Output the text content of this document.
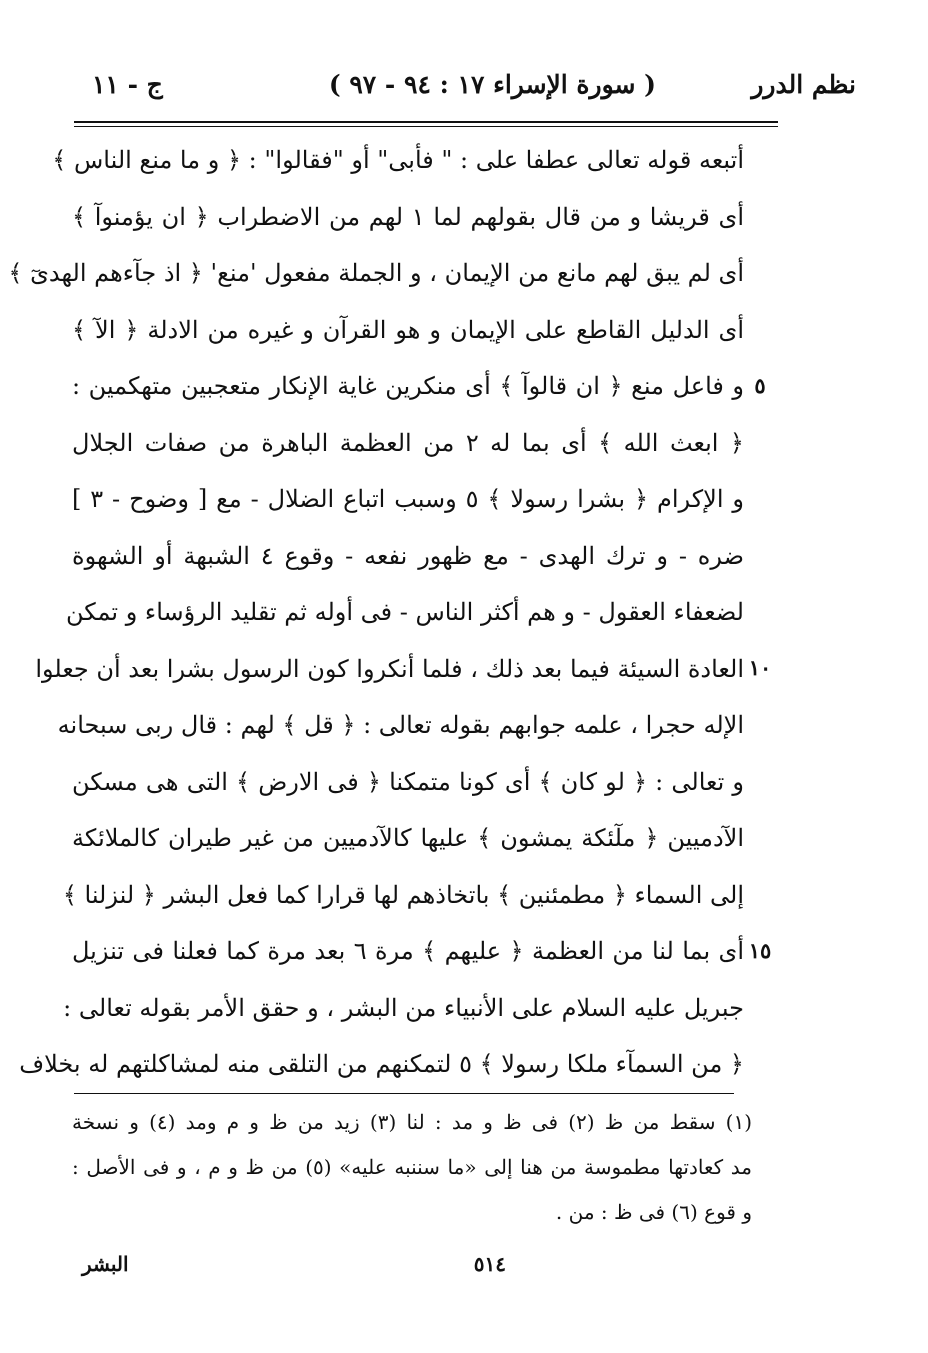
نظم الدرر
( سورة الإسراء ١٧ : ٩٤ - ٩٧ )
ج - ١١
أتبعه قوله تعالى عطفا على : " فأبى" أو "فقالوا" : ﴿ و ما منع الناس ﴾
أى قريشا و من قال بقولهم لما ١ لهم من الاضطراب ﴿ ان يؤمنوآ ﴾
أى لم يبق لهم مانع من الإيمان ، و الجملة مفعول 'منع' ﴿ اذ جآءهم الهدىٓ ﴾
أى الدليل القاطع على الإيمان و هو القرآن و غيره من الادلة ﴿ الآ ﴾
و فاعل منع ﴿ ان قالوآ ﴾ أى منكرين غاية الإنكار متعجبين متهكمين :
﴿ ابعث الله ﴾ أى بما له ٢ من العظمة الباهرة من صفات الجلال
و الإكرام ﴿ بشرا رسولا ﴾ ٥ وسبب اتباع الضلال - مع [ وضوح - ٣ ]
ضره - و ترك الهدى - مع ظهور نفعه - وقوع ٤ الشبهة أو الشهوة
لضعفاء العقول - و هم أكثر الناس - فى أوله ثم تقليد الرؤساء و تمكن
العادة السيئة فيما بعد ذلك ، فلما أنكروا كون الرسول بشرا بعد أن جعلوا
الإله حجرا ، علمه جوابهم بقوله تعالى : ﴿ قل ﴾ لهم : قال ربى سبحانه
و تعالى : ﴿ لو كان ﴾ أى كونا متمكنا ﴿ فى الارض ﴾ التى هى مسكن
الآدميين ﴿ ملٓئكة يمشون ﴾ عليها كالآدميين من غير طيران كالملائكة
إلى السماء ﴿ مطمئنين ﴾ باتخاذهم لها قرارا كما فعل البشر ﴿ لنزلنا ﴾
أى بما لنا من العظمة ﴿ عليهم ﴾ مرة ٦ بعد مرة كما فعلنا فى تنزيل
جبريل عليه السلام على الأنبياء من البشر ، و حقق الأمر بقوله تعالى :
﴿ من السمآء ملكا رسولا ﴾ ٥ لتمكنهم من التلقى منه لمشاكلتهم له بخلاف
٥
١٠
١٥
(١) سقط من ظ (٢) فى ظ و مد : لنا (٣) زيد من ظ و م ومد (٤) و نسخة
مد كعادتها مطموسة من هنا إلى «ما سننبه عليه» (٥) من ظ و م ، و فى الأصل :
و قوع (٦) فى ظ : من .
٥١٤
البشر
